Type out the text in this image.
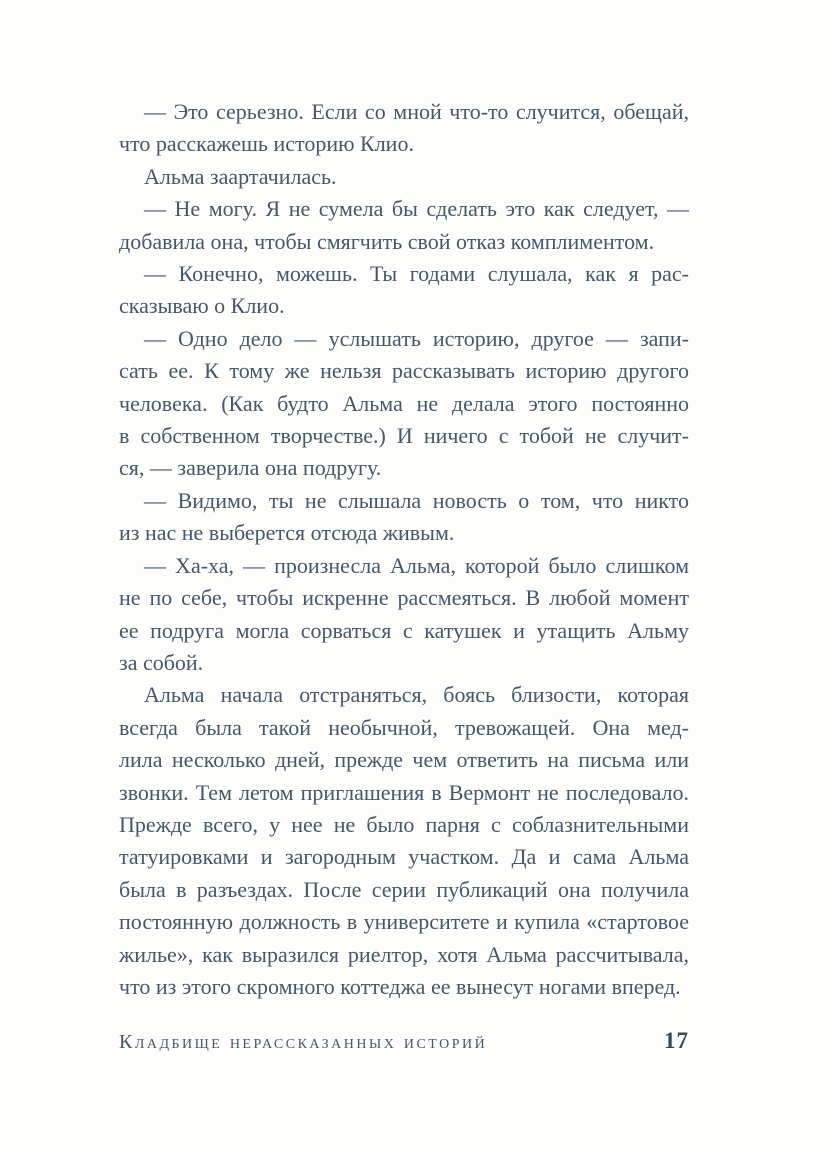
— Это серьезно. Если со мной что-то случится, обещай,
что расскажешь историю Клио.

Альма заартачилась.

— Не могу. Я не сумела бы сделать это как следует, —
добавила она, чтобы смягчить свой отказ комплиментом.

— Конечно, можешь. Ты годами слушала, как я рас-
сказываю о Клио.

— Одно дело — услышать историю, другое — запи-
сать ее. К тому же нельзя рассказывать историю другого
человека. (Как будто Альма не делала этого постоянно
в собственном творчестве.) И ничего с тобой не случит-
ся, — заверила она подругу.

— Видимо, ты не слышала новость о том, что никто
из нас не выберется отсюда живым.

— Ха-ха, — произнесла Альма, которой было слишком
не по себе, чтобы искренне рассмеяться. В любой момент
ее подруга могла сорваться с катушек и утащить Альму
за собой.

Альма начала отстраняться, боясь близости, которая
всегда была такой необычной, тревожащей. Она мед-
лила несколько дней, прежде чем ответить на письма или
звонки. Тем летом приглашения в Вермонт не последовало.
Прежде всего, у нее не было парня с соблазнительными
татуировками и загородным участком. Да и сама Альма
была в разъездах. После серии публикаций она получила
постоянную должность в университете и купила «стартовое
жилье», как выразился риелтор, хотя Альма рассчитывала,
что из этого скромного коттеджа ее вынесут ногами вперед.

Кладбище нерассказанных историй	17
